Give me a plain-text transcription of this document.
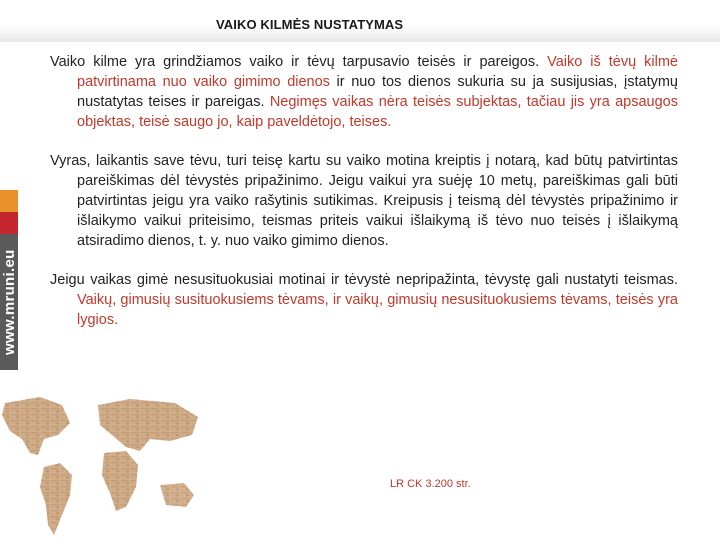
VAIKO KILMĖS NUSTATYMAS
www.mruni.eu

Vaiko kilme yra grindžiamos vaiko ir tėvų tarpusavio teisės ir pareigos. Vaiko iš tėvų kilmė patvirtinama nuo vaiko gimimo dienos ir nuo tos dienos sukuria su ja susijusias, įstatymų nustatytas teises ir pareigas. Negimęs vaikas nėra teisės subjektas, tačiau jis yra apsaugos objektas, teisė saugo jo, kaip paveldėtojo, teises.

Vyras, laikantis save tėvu, turi teisę kartu su vaiko motina kreiptis į notarą, kad būtų patvirtintas pareiškimas dėl tėvystės pripažinimo. Jeigu vaikui yra suėję 10 metų, pareiškimas gali būti patvirtintas jeigu yra vaiko rašytinis sutikimas. Kreipusis į teismą dėl tėvystės pripažinimo ir išlaikymo vaikui priteisimo, teismas priteis vaikui išlaikymą iš tėvo nuo teisės į išlaikymą atsiradimo dienos, t. y. nuo vaiko gimimo dienos.

Jeigu vaikas gimė nesusituokusiai motinai ir tėvystė nepripažinta, tėvystę gali nustatyti teismas. Vaikų, gimusių susituokusiems tėvams, ir vaikų, gimusių nesusituokusiems tėvams, teisės yra lygios.

LR CK 3.200 str.
